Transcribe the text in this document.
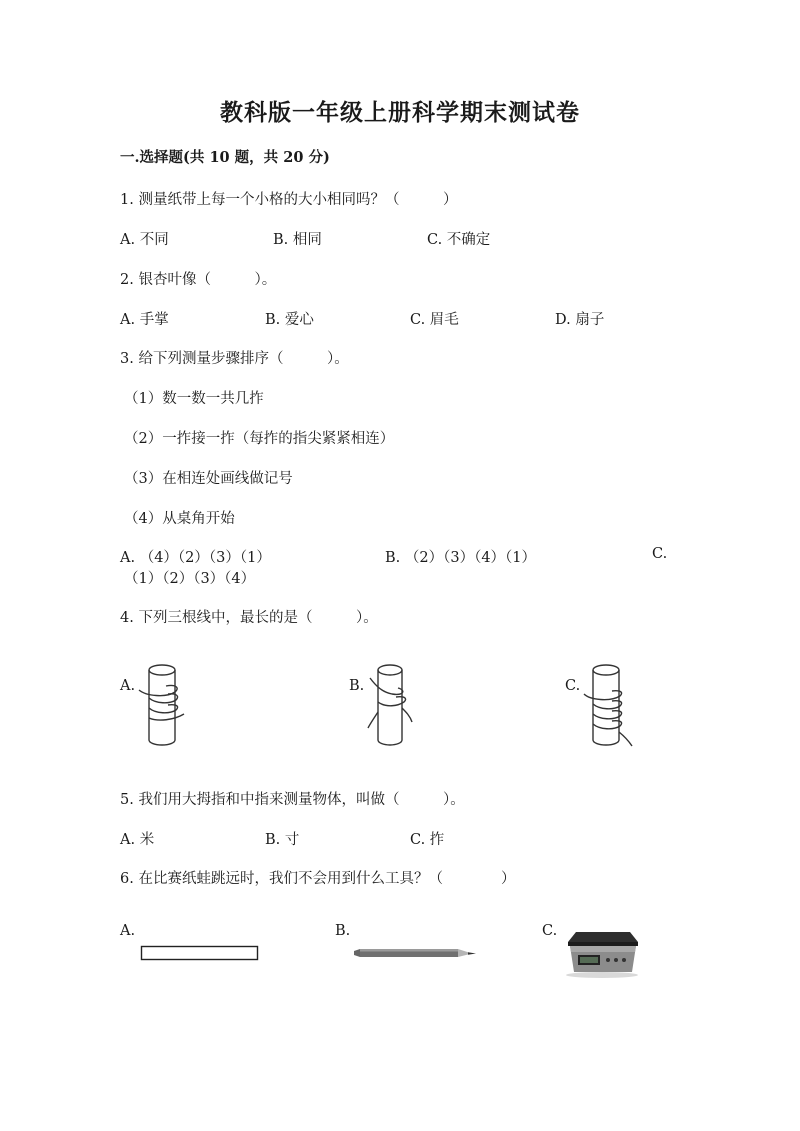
教科版一年级上册科学期末测试卷
一.选择题(共 10 题，共 20 分)
1. 测量纸带上每一个小格的大小相同吗？（　　　）
A. 不同	B. 相同	C. 不确定
2. 银杏叶像（　　　）。
A. 手掌	B. 爱心	C. 眉毛	D. 扇子
3. 给下列测量步骤排序（　　　）。
（1）数一数一共几拃
（2）一拃接一拃（每拃的指尖紧紧相连）
（3）在相连处画线做记号
（4）从桌角开始
A. （4）（2）（3）（1）	B. （2）（3）（4）（1）	C.
（1）（2）（3）（4）
4. 下列三根线中，最长的是（　　　）。
A.	B.	C.
5. 我们用大拇指和中指来测量物体，叫做（　　　）。
A. 米	B. 寸	C. 拃
6. 在比赛纸蛙跳远时，我们不会用到什么工具？（　　　　）
A.	B.	C.
